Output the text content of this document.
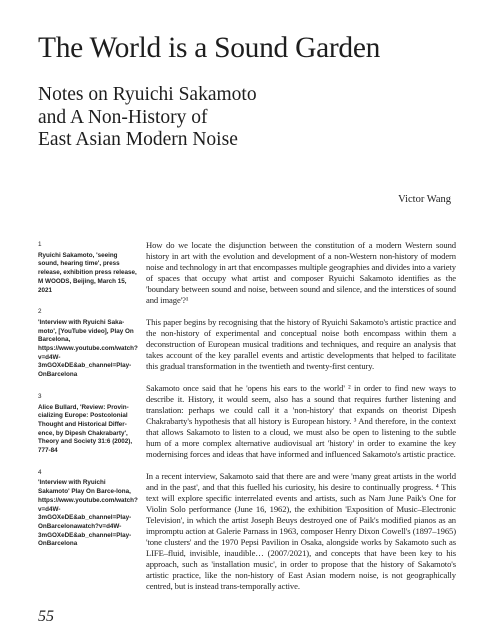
The World is a Sound Garden
Notes on Ryuichi Sakamoto
and A Non-History of
East Asian Modern Noise
Victor Wang
1
Ryuichi Sakamoto, 'seeing sound, hearing time', press release, exhibition press release, M WOODS, Beijing, March 15, 2021
2
'Interview with Ryuichi Saka-moto', [YouTube video], Play On Barcelona, https://www.youtube.com/watch?v=d4W-3mGOXeDE&ab_channel=Play-OnBarcelona
3
Alice Bullard, 'Review: Provin-cializing Europe: Postcolonial Thought and Historical Differ-ence, by Dipesh Chakrabarty', Theory and Society 31:6 (2002), 777-84
4
'Interview with Ryuichi Sakamoto' Play On Barce-lona, https://www.youtube.com/watch?v=d4W-3mGOXeDE&ab_channel=Play-OnBarcelonawatch?v=d4W-3mGOXeDE&ab_channel=Play-OnBarcelona

How do we locate the disjunction between the constitution of a modern Western sound history in art with the evolution and development of a non-Western non-history of modern noise and technology in art that encompasses multiple geographies and divides into a variety of spaces that occupy what artist and composer Ryuichi Sakamoto identifies as the 'boundary between sound and noise, between sound and silence, and the interstices of sound and image'?¹

This paper begins by recognising that the history of Ryuichi Sakamoto's artistic practice and the non-history of experimental and conceptual noise both encompass within them a deconstruction of European musical traditions and techniques, and require an analysis that takes account of the key parallel events and artistic developments that helped to facilitate this gradual transformation in the twentieth and twenty-first century.

Sakamoto once said that he 'opens his ears to the world' ² in order to find new ways to describe it. History, it would seem, also has a sound that requires further listening and translation: perhaps we could call it a 'non-history' that expands on theorist Dipesh Chakrabarty's hypothesis that all history is European history. ³ And therefore, in the context that allows Sakamoto to listen to a cloud, we must also be open to listening to the subtle hum of a more complex alternative audiovisual art 'history' in order to examine the key modernising forces and ideas that have informed and influenced Sakamoto's artistic practice.

In a recent interview, Sakamoto said that there are and were 'many great artists in the world and in the past', and that this fuelled his curiosity, his desire to continually progress. ⁴ This text will explore specific interrelated events and artists, such as Nam June Paik's One for Violin Solo performance (June 16, 1962), the exhibition 'Exposition of Music–Electronic Television', in which the artist Joseph Beuys destroyed one of Paik's modified pianos as an impromptu action at Galerie Parnass in 1963, composer Henry Dixon Cowell's (1897–1965) 'tone clusters' and the 1970 Pepsi Pavilion in Osaka, alongside works by Sakamoto such as LIFE–fluid, invisible, inaudible… (2007/2021), and concepts that have been key to his approach, such as 'installation music', in order to propose that the history of Sakamoto's artistic practice, like the non-history of East Asian modern noise, is not geographically centred, but is instead trans-temporally active.

55
